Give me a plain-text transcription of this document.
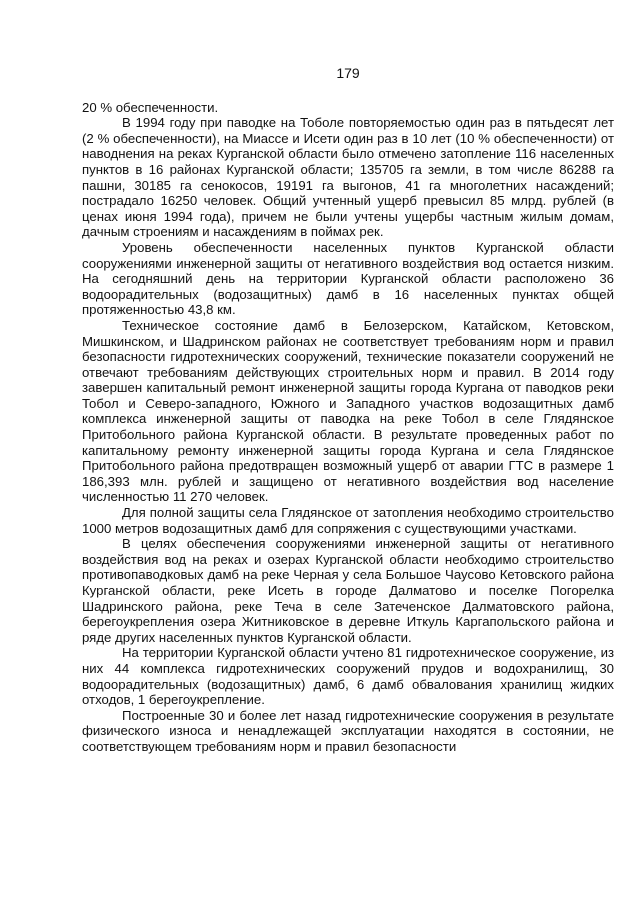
179

20 % обеспеченности.

В 1994 году при паводке на Тоболе повторяемостью один раз в пятьдесят лет (2 % обеспеченности), на Миассе и Исети один раз в 10 лет (10 % обеспеченности) от наводнения на реках Курганской области было отмечено затопление 116 населенных пунктов в 16 районах Курганской области; 135705 га земли, в том числе 86288 га пашни, 30185 га сенокосов, 19191 га выгонов, 41 га многолетних насаждений; пострадало 16250 человек. Общий учтенный ущерб превысил 85 млрд. рублей (в ценах июня 1994 года), причем не были учтены ущербы частным жилым домам, дачным строениям и насаждениям в поймах рек.

Уровень обеспеченности населенных пунктов Курганской области сооружениями инженерной защиты от негативного воздействия вод остается низким. На сегодняшний день на территории Курганской области расположено 36 водоорадительных (водозащитных) дамб в 16 населенных пунктах общей протяженностью 43,8 км.

Техническое состояние дамб в Белозерском, Катайском, Кетовском, Мишкинском, и Шадринском районах не соответствует требованиям норм и правил безопасности гидротехнических сооружений, технические показатели сооружений не отвечают требованиям действующих строительных норм и правил. В 2014 году завершен капитальный ремонт инженерной защиты города Кургана от паводков реки Тобол и Северо-западного, Южного и Западного участков водозащитных дамб комплекса инженерной защиты от паводка на реке Тобол в селе Глядянское Притобольного района Курганской области. В результате проведенных работ по капитальному ремонту инженерной защиты города Кургана и села Глядянское Притобольного района предотвращен возможный ущерб от аварии ГТС в размере 1 186,393 млн. рублей и защищено от негативного воздействия вод население численностью 11 270 человек.

Для полной защиты села Глядянское от затопления необходимо строительство 1000 метров водозащитных дамб для сопряжения с существующими участками.

В целях обеспечения сооружениями инженерной защиты от негативного воздействия вод на реках и озерах Курганской области необходимо строительство противопаводковых дамб на реке Черная у села Большое Чаусово Кетовского района Курганской области, реке Исеть в городе Далматово и поселке Погорелка Шадринского района, реке Теча в селе Затеченское Далматовского района, берегоукрепления озера Житниковское в деревне Иткуль Каргапольского района и ряде других населенных пунктов Курганской области.

На территории Курганской области учтено 81 гидротехническое сооружение, из них 44 комплекса гидротехнических сооружений прудов и водохранилищ, 30 водоорадительных (водозащитных) дамб, 6 дамб обвалования хранилищ жидких отходов, 1 берегоукрепление.

Построенные 30 и более лет назад гидротехнические сооружения в результате физического износа и ненадлежащей эксплуатации находятся в состоянии, не соответствующем требованиям норм и правил безопасности
